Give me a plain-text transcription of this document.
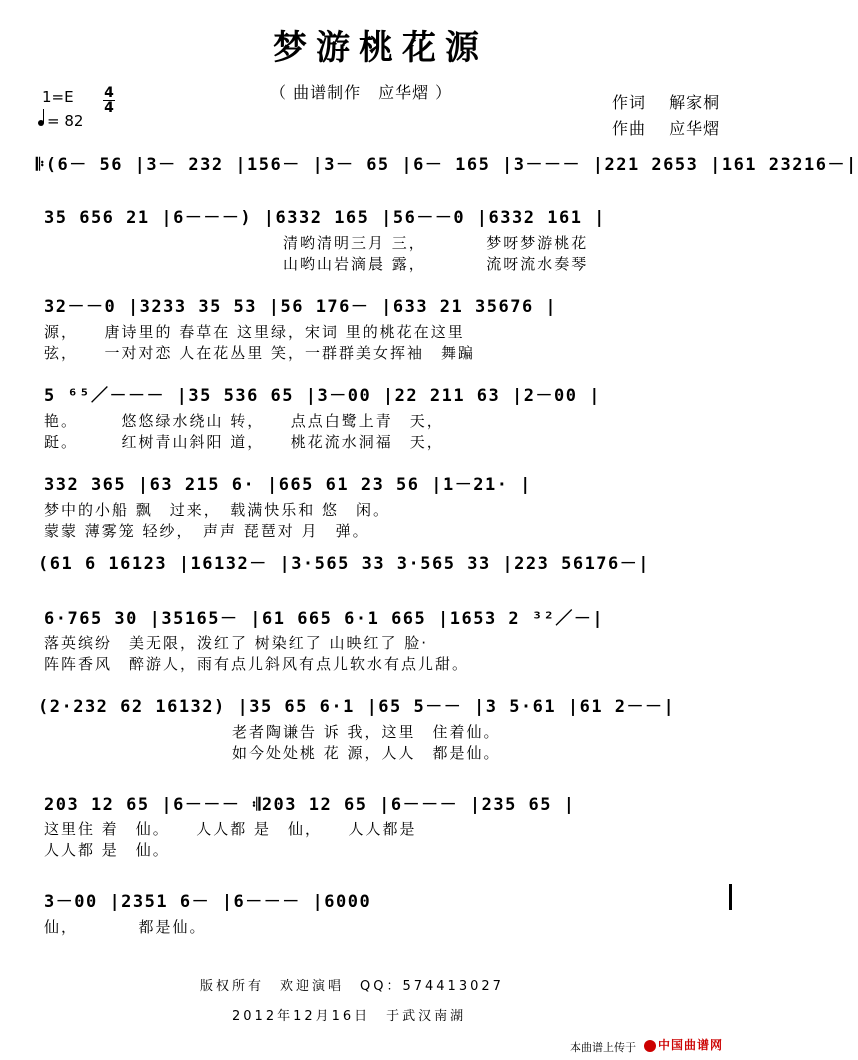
梦游桃花源
（ 曲谱制作　应华熠 ）
作词　 解家桐
作曲　 应华熠
1=E 4
4
= 82
𝄆(6－ 56 |3－ 232 |156－ |3－ 65 |6－ 165 |3－－－ |221 2653 |161 23216－|
35 656 21 |6－－－) |6332 165 |56－－0 |6332 161 |
清哟清明三月 三，　　　　梦呀梦游桃花
山哟山岩滴晨 露，　　　　流呀流水奏琴
32－－0 |3233 35 53 |56 176－ |633 21 35676 |
源，　　唐诗里的 春草在 这里绿，宋词 里的桃花在这里
弦，　　一对对恋 人在花丛里 笑，一群群美女挥袖　舞蹁
5 ⁶⁵／－－－ |35 536 65 |3－00 |22 211 63 |2－00 |
艳。　　　悠悠绿水绕山 转，　　点点白鹭上青　天，
跹。　　　红树青山斜阳 道，　　桃花流水洞福　天，
332 365 |63 215 6· |665 61 23 56 |1－21· |
梦中的小船 飘　过来，　载满快乐和 悠　闲。
蒙蒙 薄雾笼 轻纱，　声声 琵琶对 月　弹。
(61 6 16123 |16132－ |3·565 33 3·565 33 |223 56176－|
6·765 30 |35165－ |61 665 6·1 665 |1653 2 ³²／－|
落英缤纷　美无限，泼红了 树染红了 山映红了 脸·
阵阵香风　醉游人，雨有点儿斜风有点儿软水有点儿甜。
(2·232 62 16132) |35 65 6·1 |65 5－－ |3 5·61 |61 2－－|
老者陶谦告 诉 我，这里　住着仙。
如今处处桃 花 源，人人　都是仙。
203 12 65 |6－－－ 𝄇203 12 65 |6－－－ |235 65 |
这里住 着　仙。　　人人都 是　仙，　　人人都是
人人都 是　仙。
3－00 |2351 6－ |6－－－ |6000
仙，　　　　都是仙。
版权所有　欢迎演唱　QQ：574413027
2012年12月16日　于武汉南湖
本曲谱上传于	中国曲谱网
